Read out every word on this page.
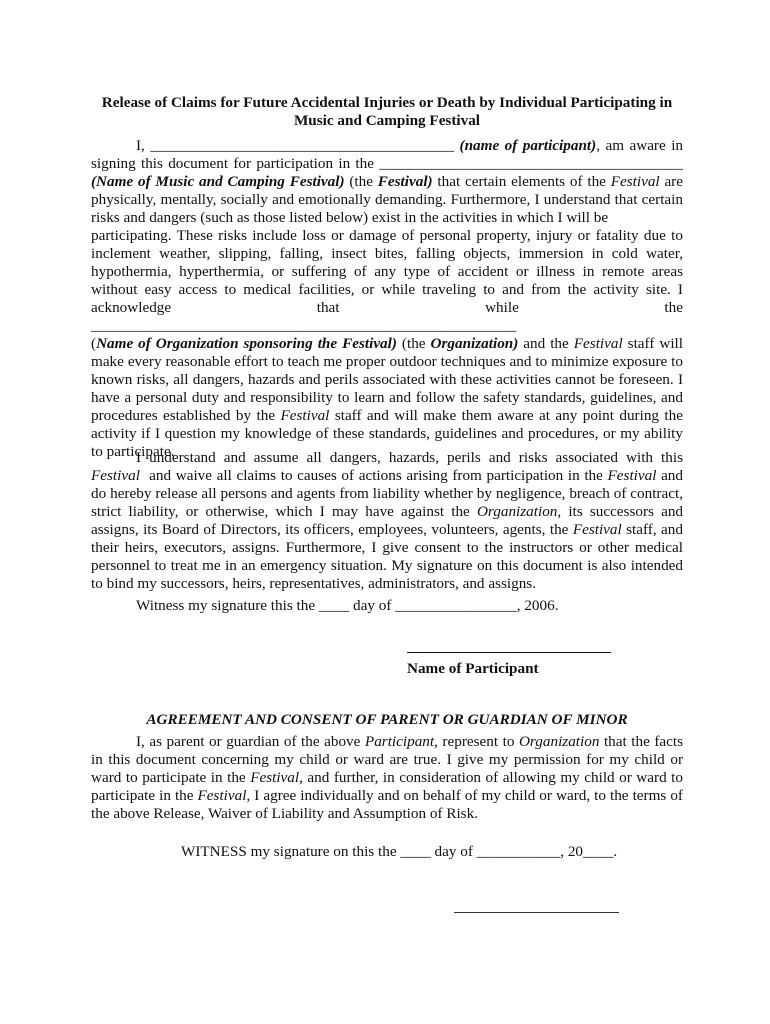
Release of Claims for Future Accidental Injuries or Death by Individual Participating in
Music and Camping Festival
I, ________________________________________ (name of participant), am aware in
signing this document for participation in the ________________________________________
(Name of Music and Camping Festival) (the Festival) that certain elements of the Festival are
physically, mentally, socially and emotionally demanding. Furthermore, I understand that certain
risks and dangers (such as those listed below) exist in the activities in which I will be
participating. These risks include loss or damage of personal property, injury or fatality due to
inclement weather, slipping, falling, insect bites, falling objects, immersion in cold water,
hypothermia, hyperthermia, or suffering of any type of accident or illness in remote areas
without easy access to medical facilities, or while traveling to and from the activity site. I
acknowledge that while the ________________________________________________________
(Name of Organization sponsoring the Festival) (the Organization) and the Festival staff will
make every reasonable effort to teach me proper outdoor techniques and to minimize exposure to
known risks, all dangers, hazards and perils associated with these activities cannot be foreseen. I
have a personal duty and responsibility to learn and follow the safety standards, guidelines, and
procedures established by the Festival staff and will make them aware at any point during the
activity if I question my knowledge of these standards, guidelines and procedures, or my ability
to participate.
I understand and assume all dangers, hazards, perils and risks associated with this
Festival  and waive all claims to causes of actions arising from participation in the Festival and
do hereby release all persons and agents from liability whether by negligence, breach of contract,
strict liability, or otherwise, which I may have against the Organization, its successors and
assigns, its Board of Directors, its officers, employees, volunteers, agents, the Festival staff, and
their heirs, executors, assigns. Furthermore, I give consent to the instructors or other medical
personnel to treat me in an emergency situation. My signature on this document is also intended
to bind my successors, heirs, representatives, administrators, and assigns.
Witness my signature this the ____ day of ________________, 2006.
Name of Participant
AGREEMENT AND CONSENT OF PARENT OR GUARDIAN OF MINOR
I, as parent or guardian of the above Participant, represent to Organization that the facts
in this document concerning my child or ward are true. I give my permission for my child or
ward to participate in the Festival, and further, in consideration of allowing my child or ward to
participate in the Festival, I agree individually and on behalf of my child or ward, to the terms of
the above Release, Waiver of Liability and Assumption of Risk.
WITNESS my signature on this the ____ day of ___________, 20____.
